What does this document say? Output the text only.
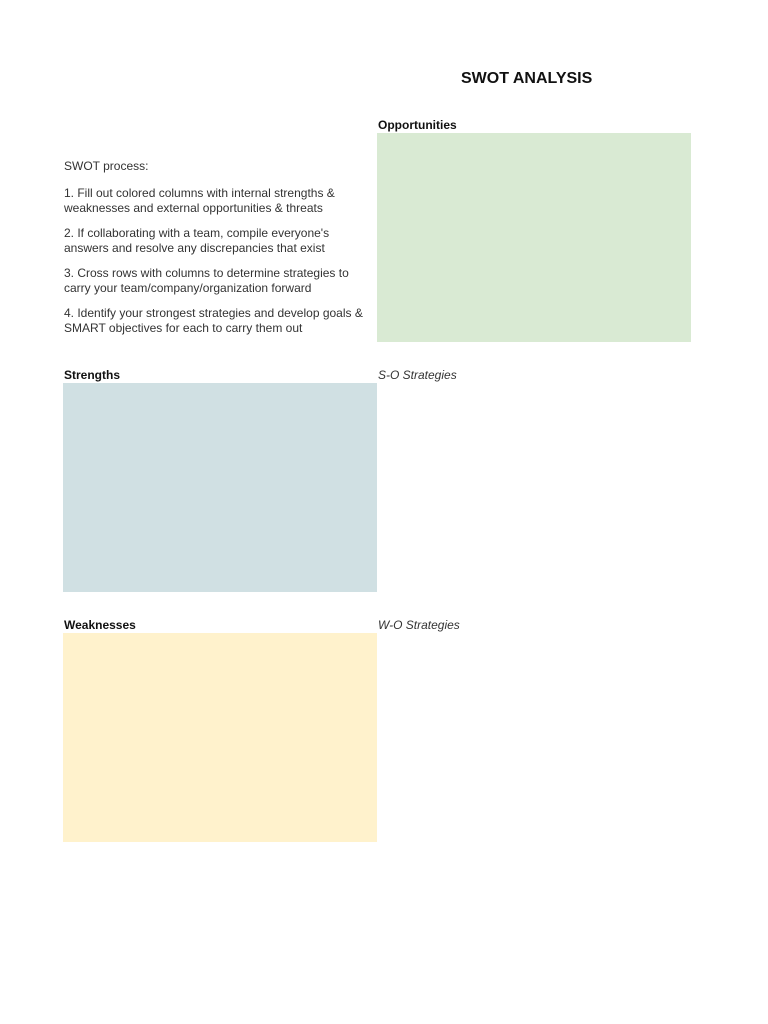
SWOT ANALYSIS
SWOT process:
1. Fill out colored columns with internal strengths & weaknesses and external opportunities & threats
2. If collaborating with a team, compile everyone's answers and resolve any discrepancies that exist
3. Cross rows with columns to determine strategies to carry your team/company/organization forward
4. Identify your strongest strategies and develop goals & SMART objectives for each to carry them out
Opportunities
Strengths	S-O Strategies
Weaknesses	W-O Strategies
